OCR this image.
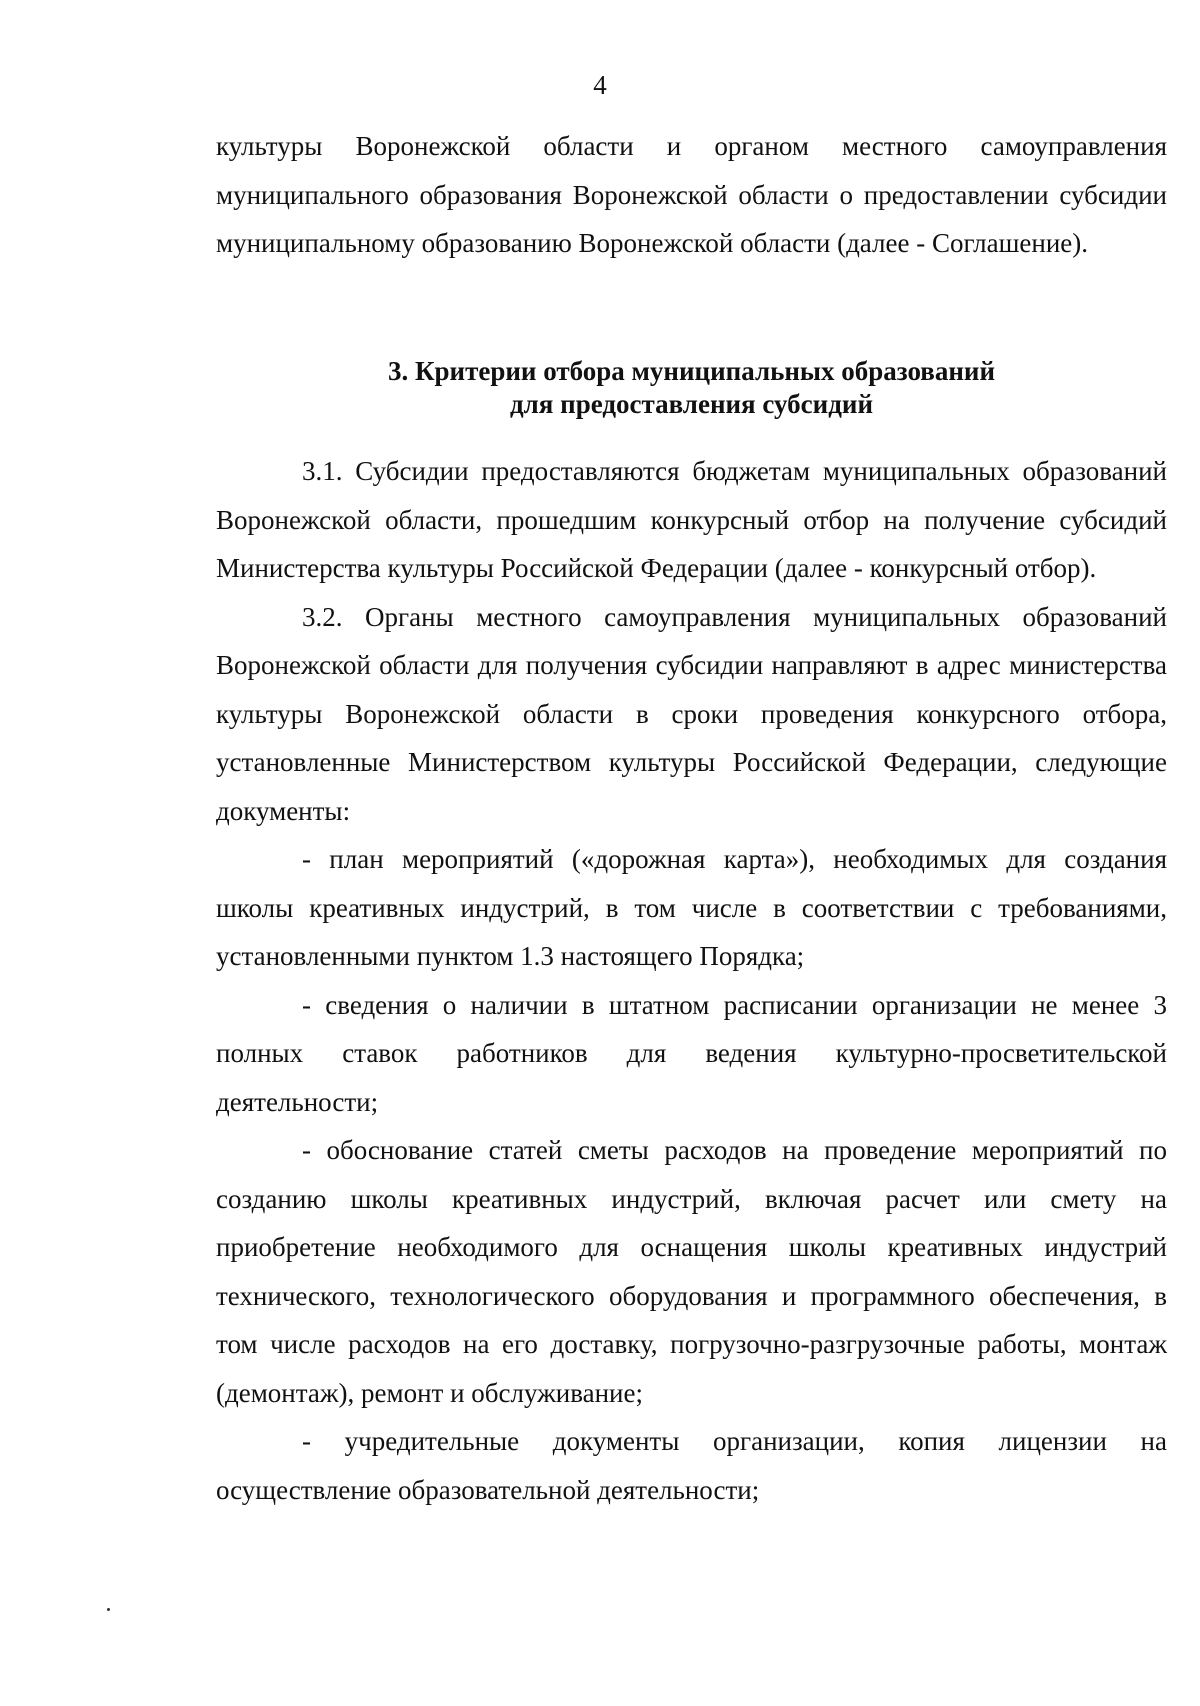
4

культуры Воронежской области и органом местного самоуправления муниципального образования Воронежской области о предоставлении субсидии муниципальному образованию Воронежской области (далее - Соглашение).

3. Критерии отбора муниципальных образований
для предоставления субсидий

3.1. Субсидии предоставляются бюджетам муниципальных образований Воронежской области, прошедшим конкурсный отбор на получение субсидий Министерства культуры Российской Федерации (далее - конкурсный отбор).

3.2. Органы местного самоуправления муниципальных образований Воронежской области для получения субсидии направляют в адрес министерства культуры Воронежской области в сроки проведения конкурсного отбора, установленные Министерством культуры Российской Федерации, следующие документы:

- план мероприятий («дорожная карта»), необходимых для создания школы креативных индустрий, в том числе в соответствии с требованиями, установленными пунктом 1.3 настоящего Порядка;

- сведения о наличии в штатном расписании организации не менее 3 полных ставок работников для ведения культурно-просветительской деятельности;

- обоснование статей сметы расходов на проведение мероприятий по созданию школы креативных индустрий, включая расчет или смету на приобретение необходимого для оснащения школы креативных индустрий технического, технологического оборудования и программного обеспечения, в том числе расходов на его доставку, погрузочно-разгрузочные работы, монтаж (демонтаж), ремонт и обслуживание;

- учредительные документы организации, копия лицензии на осуществление образовательной деятельности;
